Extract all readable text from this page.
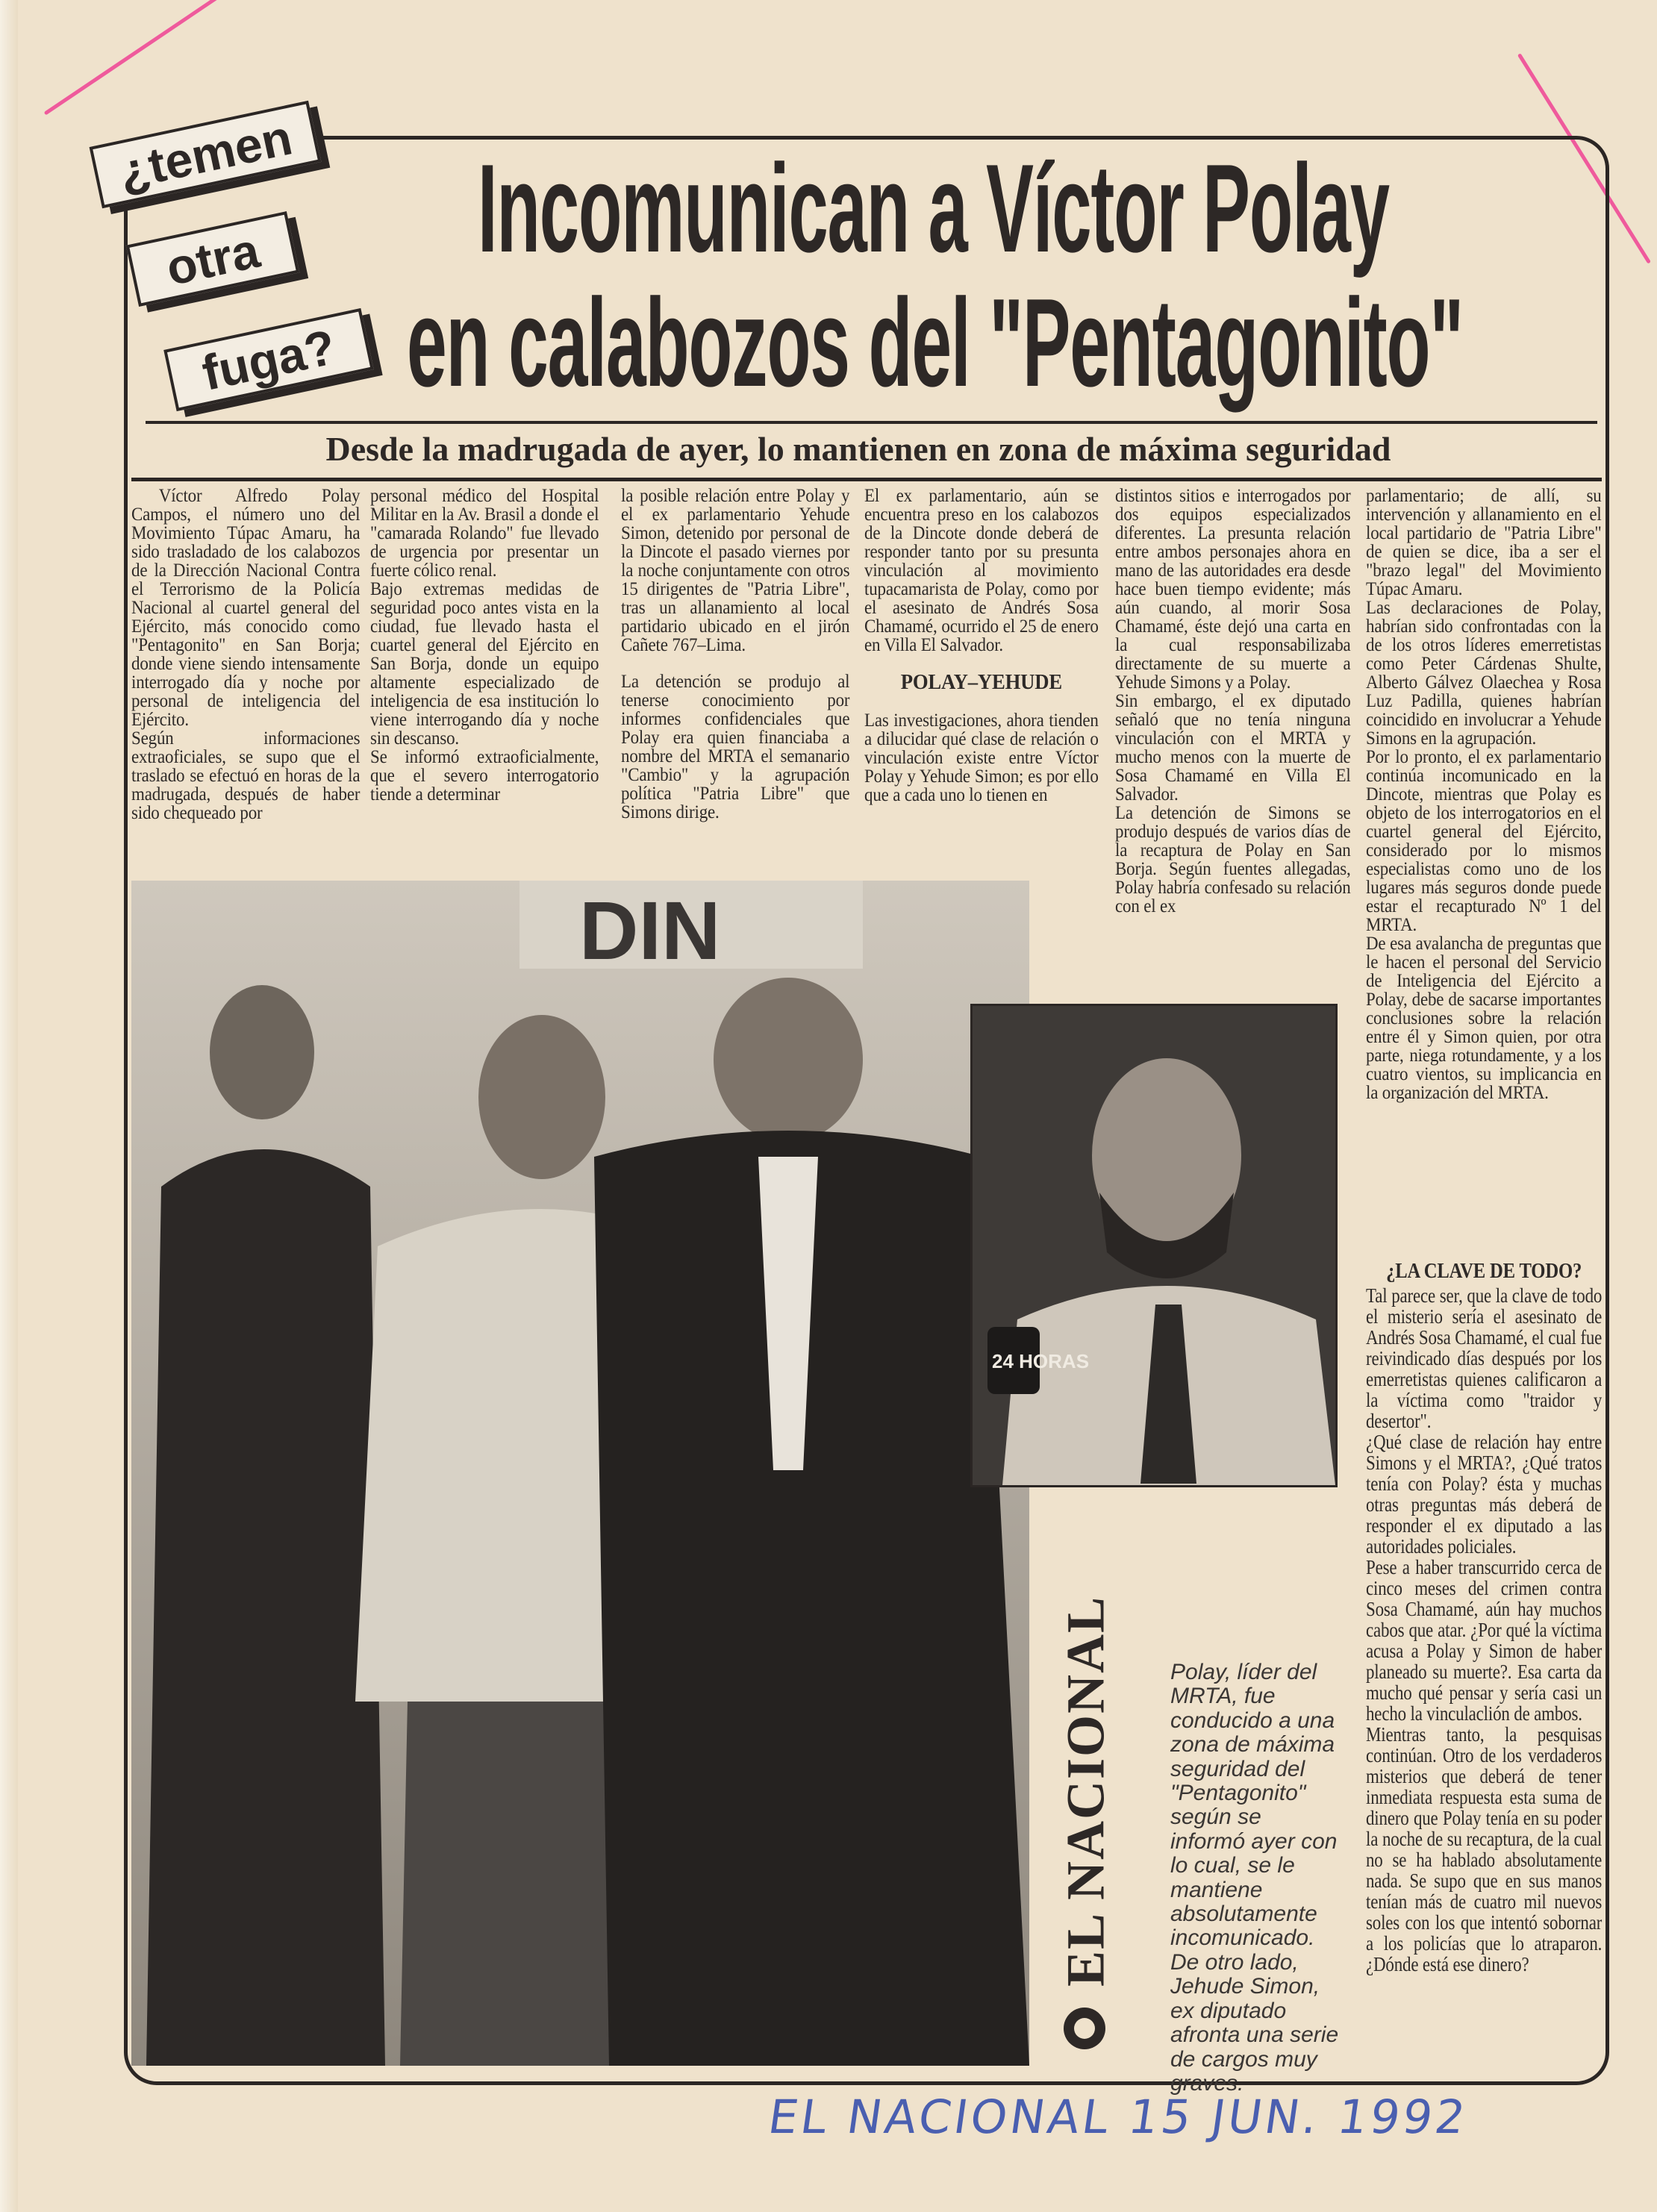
¿temen
otra
fuga?
Incomunican a Víctor Polay
en calabozos del "Pentagonito"
Desde la madrugada de ayer, lo mantienen en zona de máxima seguridad

Víctor Alfredo Polay Campos, el número uno del Movimiento Túpac Amaru, ha sido trasladado de los calabozos de la Dirección Nacional Contra el Terrorismo de la Policía Nacional al cuartel general del Ejército, más conocido como "Pentagonito" en San Borja; donde viene siendo intensamente interrogado día y noche por personal de inteligencia del Ejército.

Según informaciones extraoficiales, se supo que el traslado se efectuó en horas de la madrugada, después de haber sido chequeado por

personal médico del Hospital Militar en la Av. Brasil a donde el "camarada Rolando" fue llevado de urgencia por presentar un fuerte cólico renal.

Bajo extremas medidas de seguridad poco antes vista en la ciudad, fue llevado hasta el cuartel general del Ejército en San Borja, donde un equipo altamente especializado de inteligencia de esa institución lo viene interrogando día y noche sin descanso.

Se informó extraoficialmente, que el severo interrogatorio tiende a determinar

la posible relación entre Polay y el ex parlamentario Yehude Simon, detenido por personal de la Dincote el pasado viernes por la noche conjuntamente con otros 15 dirigentes de "Patria Libre", tras un allanamiento al local partidario ubicado en el jirón Cañete 767–Lima.

La detención se produjo al tenerse conocimiento por informes confidenciales que Polay era quien financiaba a nombre del MRTA el semanario "Cambio" y la agrupación política "Patria Libre" que Simons dirige.

El ex parlamentario, aún se encuentra preso en los calabozos de la Dincote donde deberá de responder tanto por su presunta vinculación al movimiento tupacamarista de Polay, como por el asesinato de Andrés Sosa Chamamé, ocurrido el 25 de enero en Villa El Salvador.

POLAY–YEHUDE

Las investigaciones, ahora tienden a dilucidar qué clase de relación o vinculación existe entre Víctor Polay y Yehude Simon; es por ello que a cada uno lo tienen en

distintos sitios e interrogados por dos equipos especializados diferentes. La presunta relación entre ambos personajes ahora en mano de las autoridades era desde hace buen tiempo evidente; más aún cuando, al morir Sosa Chamamé, éste dejó una carta en la cual responsabilizaba directamente de su muerte a Yehude Simons y a Polay.

Sin embargo, el ex diputado señaló que no tenía ninguna vinculación con el MRTA y mucho menos con la muerte de Sosa Chamamé en Villa El Salvador.

La detención de Simons se produjo después de varios días de la recaptura de Polay en San Borja. Según fuentes allegadas, Polay habría confesado su relación con el ex

parlamentario; de allí, su intervención y allanamiento en el local partidario de "Patria Libre" de quien se dice, iba a ser el "brazo legal" del Movimiento Túpac Amaru.

Las declaraciones de Polay, habrían sido confrontadas con la de los otros líderes emerretistas como Peter Cárdenas Shulte, Alberto Gálvez Olaechea y Rosa Luz Padilla, quienes habrían coincidido en involucrar a Yehude Simons en la agrupación.

Por lo pronto, el ex parlamentario continúa incomunicado en la Dincote, mientras que Polay es objeto de los interrogatorios en el cuartel general del Ejército, considerado por lo mismos especialistas como uno de los lugares más seguros donde puede estar el recapturado Nº 1 del MRTA.

De esa avalancha de preguntas que le hacen el personal del Servicio de Inteligencia del Ejército a Polay, debe de sacarse importantes conclusiones sobre la relación entre él y Simon quien, por otra parte, niega rotundamente, y a los cuatro vientos, su implicancia en la organización del MRTA.

¿LA CLAVE DE TODO?

Tal parece ser, que la clave de todo el misterio sería el asesinato de Andrés Sosa Chamamé, el cual fue reivindicado días después por los emerretistas quienes calificaron a la víctima como "traidor y desertor".

¿Qué clase de relación hay entre Simons y el MRTA?, ¿Qué tratos tenía con Polay? ésta y muchas otras preguntas más deberá de responder el ex diputado a las autoridades policiales.

Pese a haber transcurrido cerca de cinco meses del crimen contra Sosa Chamamé, aún hay muchos cabos que atar. ¿Por qué la víctima acusa a Polay y Simon de haber planeado su muerte?. Esa carta da mucho qué pensar y sería casi un hecho la vinculaclión de ambos.

Mientras tanto, la pesquisas continúan. Otro de los verdaderos misterios que deberá de tener inmediata respuesta esta suma de dinero que Polay tenía en su poder la noche de su recaptura, de la cual no se ha hablado absolutamente nada. Se supo que en sus manos tenían más de cuatro mil nuevos soles con los que intentó sobornar a los policías que lo atraparon. ¿Dónde está ese dinero?

DIN
24 HORAS
EL NACIONAL Polay, líder del MRTA, fue conducido a una zona de máxima seguridad del "Pentagonito" según se informó ayer con lo cual, se le mantiene absolutamente incomunicado. De otro lado, Jehude Simon, ex diputado afronta una serie de cargos muy graves.
EL NACIONAL 15 JUN. 1992
